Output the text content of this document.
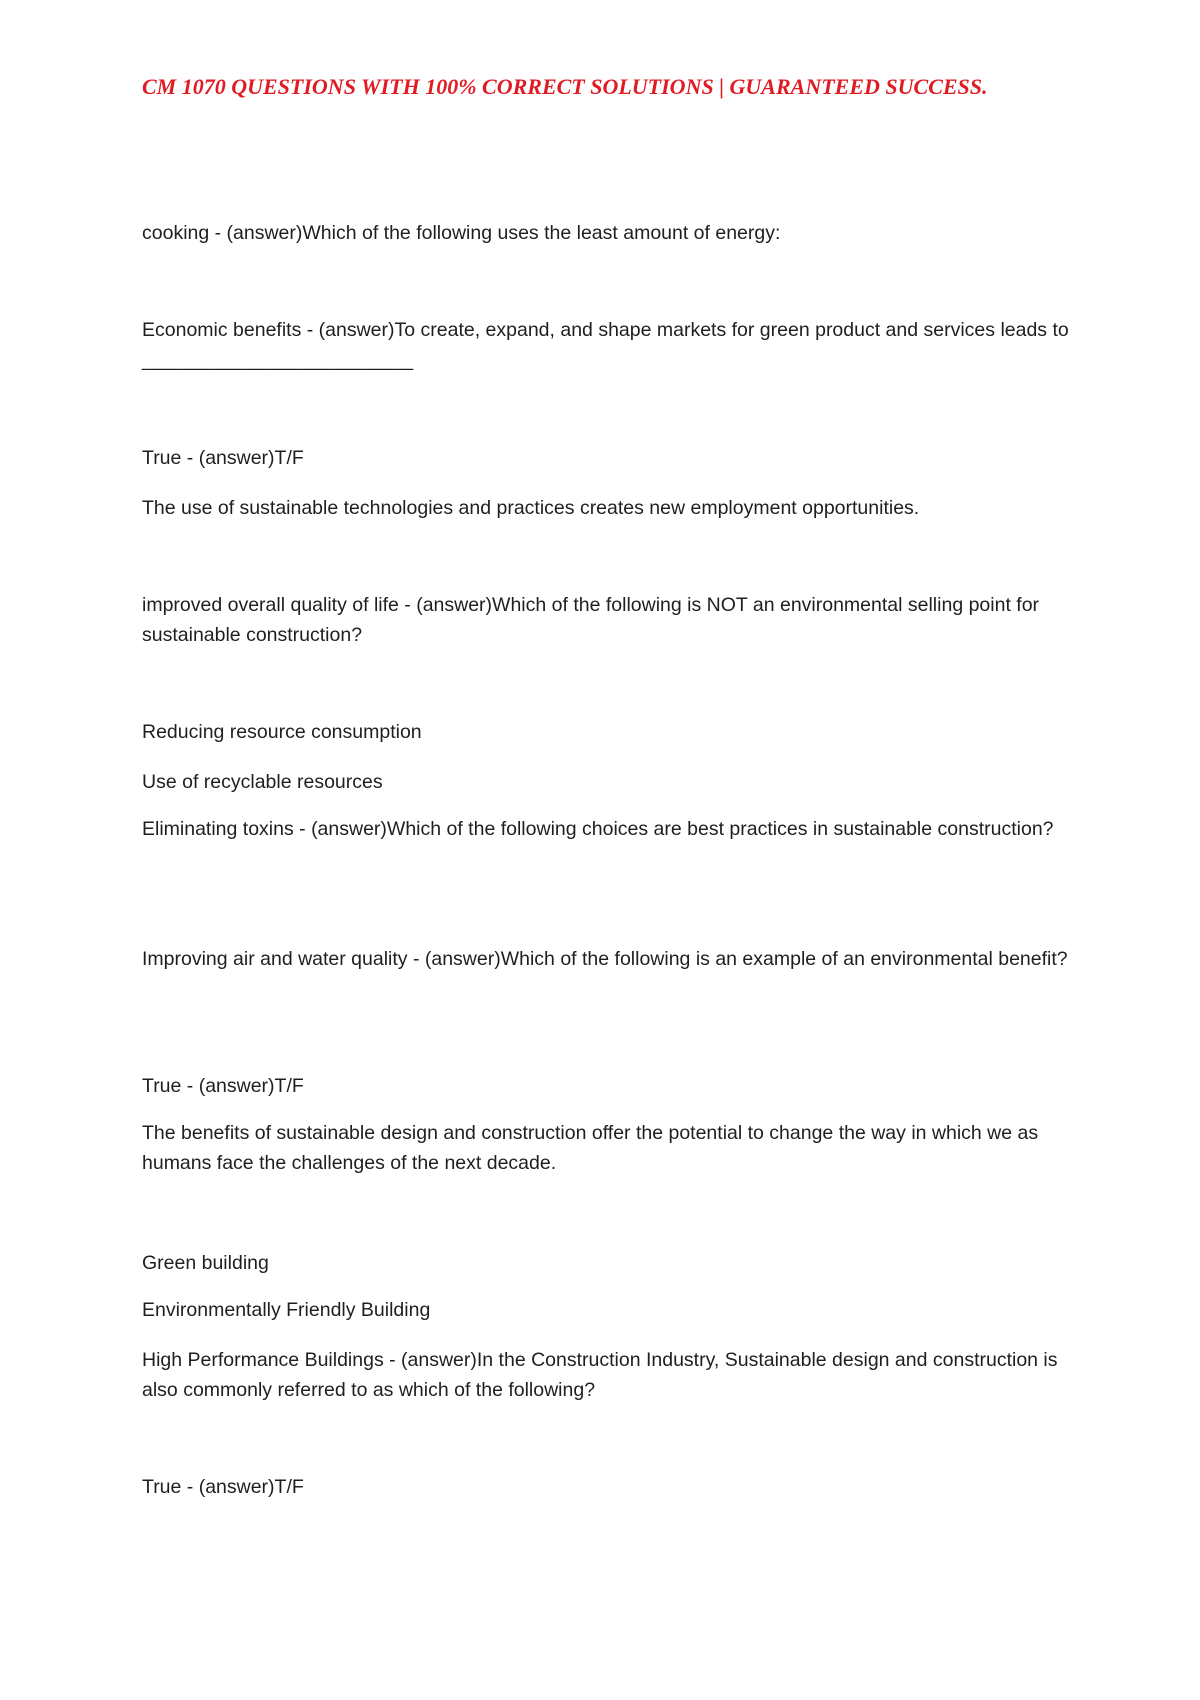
CM 1070 QUESTIONS WITH 100% CORRECT SOLUTIONS | GUARANTEED SUCCESS.

cooking - (answer)Which of the following uses the least amount of energy:

Economic benefits - (answer)To create, expand, and shape markets for green product and services leads to _________________________

True - (answer)T/F

The use of sustainable technologies and practices creates new employment opportunities.

improved overall quality of life - (answer)Which of the following is NOT an environmental selling point for sustainable construction?

Reducing resource consumption

Use of recyclable resources

Eliminating toxins - (answer)Which of the following choices are best practices in sustainable construction?

Improving air and water quality - (answer)Which of the following is an example of an environmental benefit?

True - (answer)T/F

The benefits of sustainable design and construction offer the potential to change the way in which we as humans face the challenges of the next decade.

Green building

Environmentally Friendly Building

High Performance Buildings - (answer)In the Construction Industry, Sustainable design and construction is also commonly referred to as which of the following?

True - (answer)T/F
